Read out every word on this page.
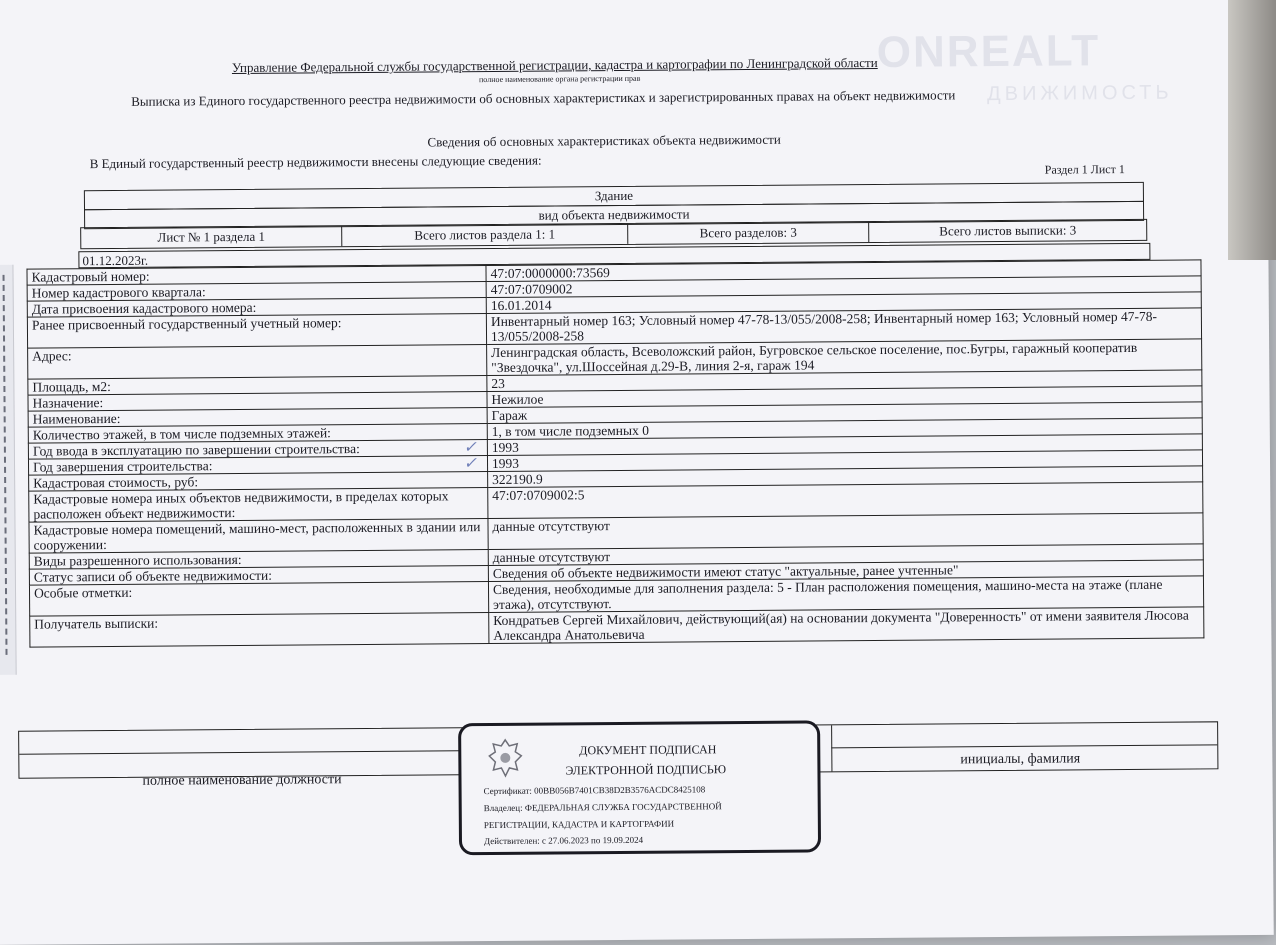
ONREALT
ДВИЖИМОСТЬ
Управление Федеральной службы государственной регистрации, кадастра и картографии по Ленинградской области
полное наименование органа регистрации прав
Выписка из Единого государственного реестра недвижимости об основных характеристиках и зарегистрированных правах на объект недвижимости
Сведения об основных характеристиках объекта недвижимости
В Единый государственный реестр недвижимости внесены следующие сведения:	Раздел 1 Лист 1
Здание
вид объекта недвижимости
Лист № 1 раздела 1	Всего листов раздела 1: 1	Всего разделов: 3	Всего листов выписки: 3
01.12.2023г.
Кадастровый номер:	47:07:0000000:73569
Номер кадастрового квартала:	47:07:0709002
Дата присвоения кадастрового номера:	16.01.2014
Ранее присвоенный государственный учетный номер:	Инвентарный номер 163; Условный номер 47-78-13/055/2008-258; Инвентарный номер 163; Условный номер 47-78-13/055/2008-258
Адрес:	Ленинградская область, Всеволожский район, Бугровское сельское поселение, пос.Бугры, гаражный кооператив "Звездочка", ул.Шоссейная д.29-В, линия 2-я, гараж 194
Площадь, м2:	23
Назначение:	Нежилое
Наименование:	Гараж
Количество этажей, в том числе подземных этажей:	1, в том числе подземных 0
Год ввода в эксплуатацию по завершении строительства: ✓	1993
Год завершения строительства: ✓	1993
Кадастровая стоимость, руб:	322190.9
Кадастровые номера иных объектов недвижимости, в пределах которых расположен объект недвижимости:	47:07:0709002:5
Кадастровые номера помещений, машино-мест, расположенных в здании или сооружении:	данные отсутствуют
Виды разрешенного использования:	данные отсутствуют
Статус записи об объекте недвижимости:	Сведения об объекте недвижимости имеют статус "актуальные, ранее учтенные"
Особые отметки:	Сведения, необходимые для заполнения раздела: 5 - План расположения помещения, машино-места на этаже (плане этажа), отсутствуют.
Получатель выписки:	Кондратьев Сергей Михайлович, действующий(ая) на основании документа "Доверенность" от имени заявителя Люсова Александра Анатольевича
полное наименование должности
инициалы, фамилия
ДОКУМЕНТ ПОДПИСАН
ЭЛЕКТРОННОЙ ПОДПИСЬЮ
Сертификат: 00BB056B7401CB38D2B3576ACDC8425108
Владелец: ФЕДЕРАЛЬНАЯ СЛУЖБА ГОСУДАРСТВЕННОЙ
РЕГИСТРАЦИИ, КАДАСТРА И КАРТОГРАФИИ
Действителен: с 27.06.2023 по 19.09.2024
